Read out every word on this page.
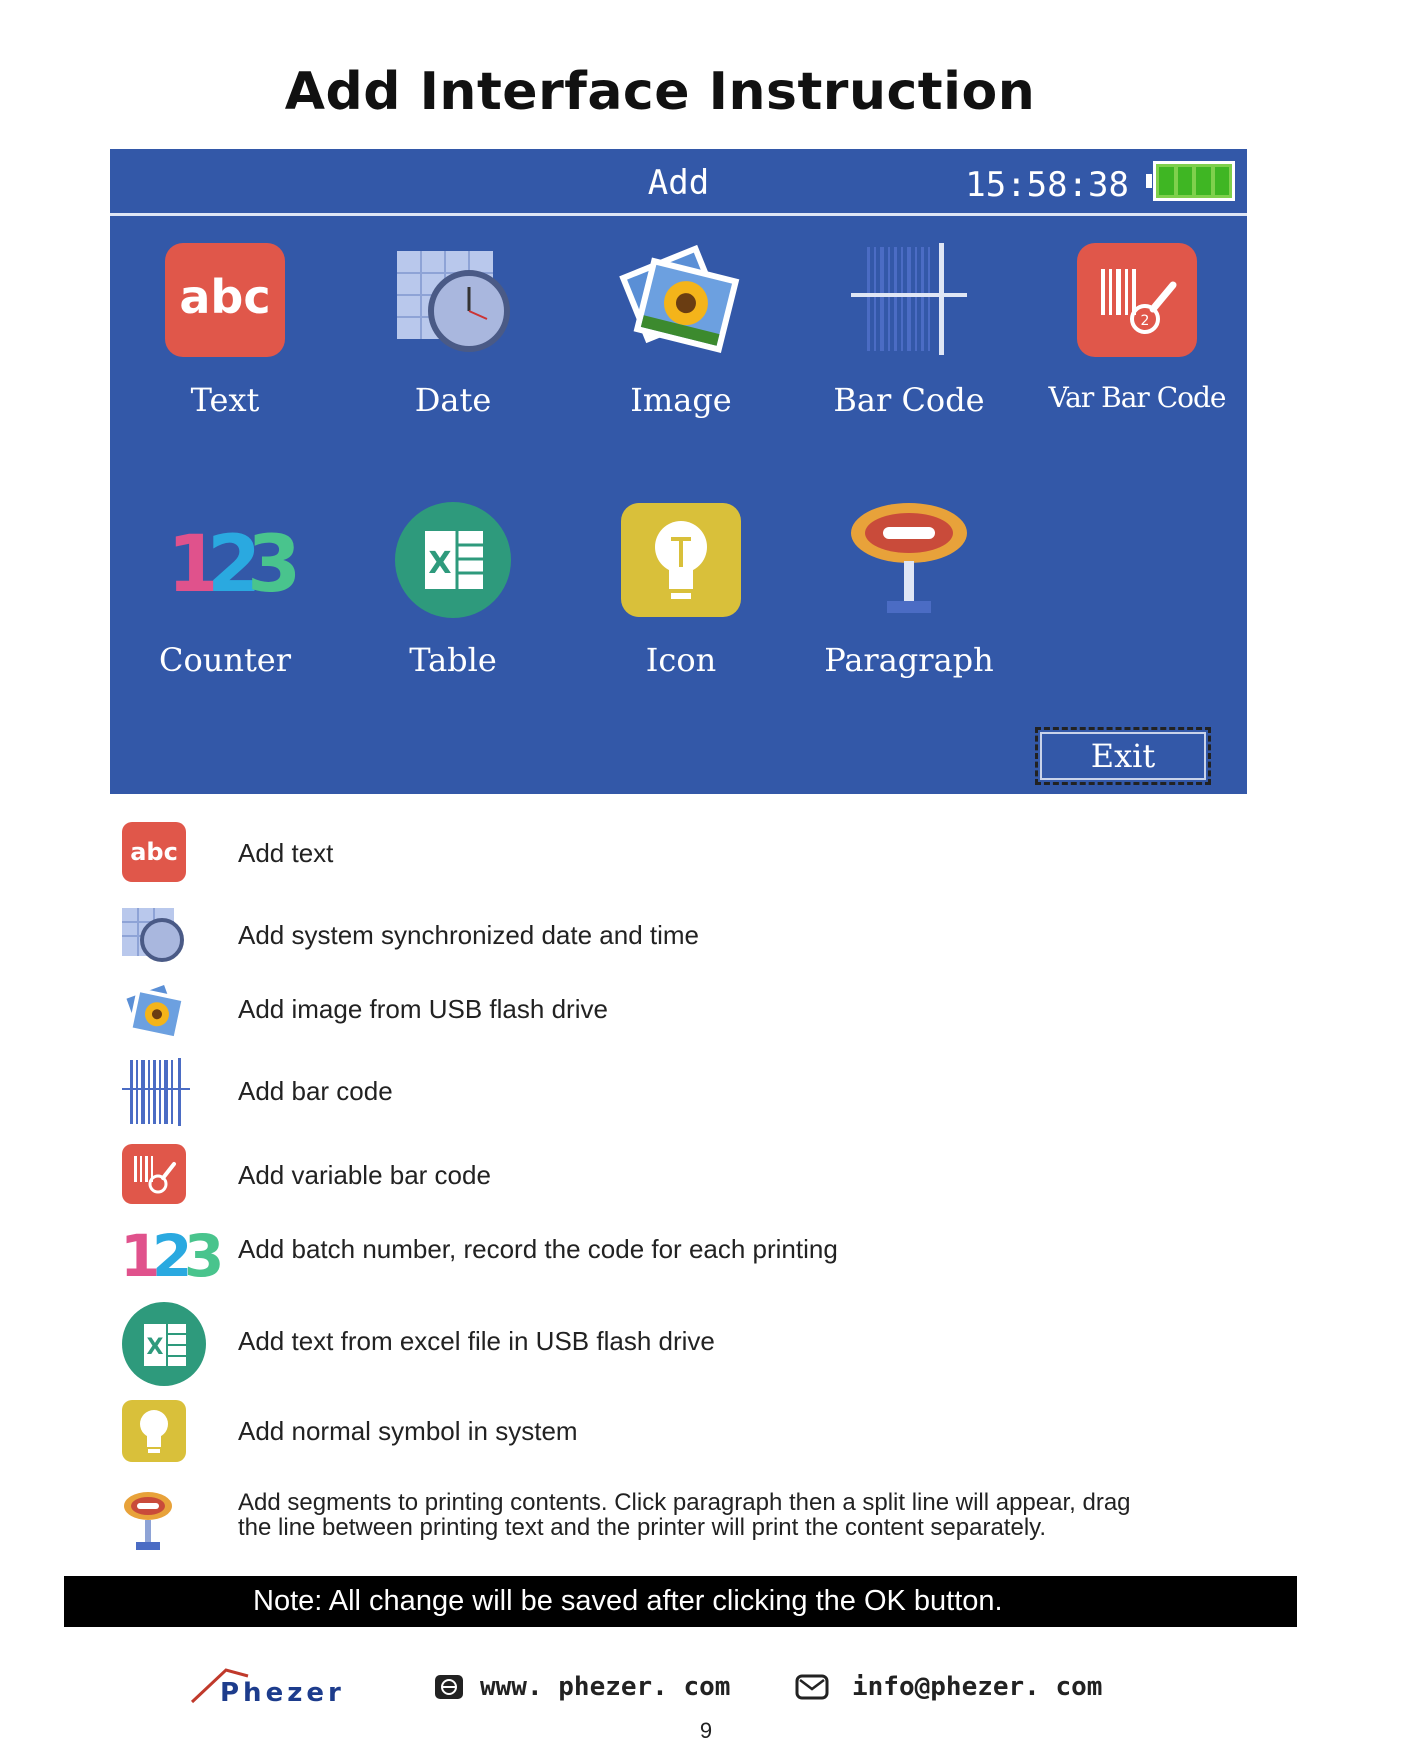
Add Interface Instruction
Add	15:58:38
abc
Text	Date	Image	Bar Code
2
Var Bar Code
1
2
3
Counter
X
Table	Icon	Paragraph
Exit
abc Add text
Add system synchronized date and time
Add image from USB flash drive
Add bar code
Add variable bar code
1
2
3 Add batch number, record the code for each printing
X	Add text from excel file in USB flash drive
Add normal symbol in system
Add segments to printing contents. Click paragraph then a split line will appear, drag the line between printing text and the printer will print the content separately.
Note: All change will be saved after clicking the OK button.
Phezer	www. phezer. com	info@phezer. com
9
